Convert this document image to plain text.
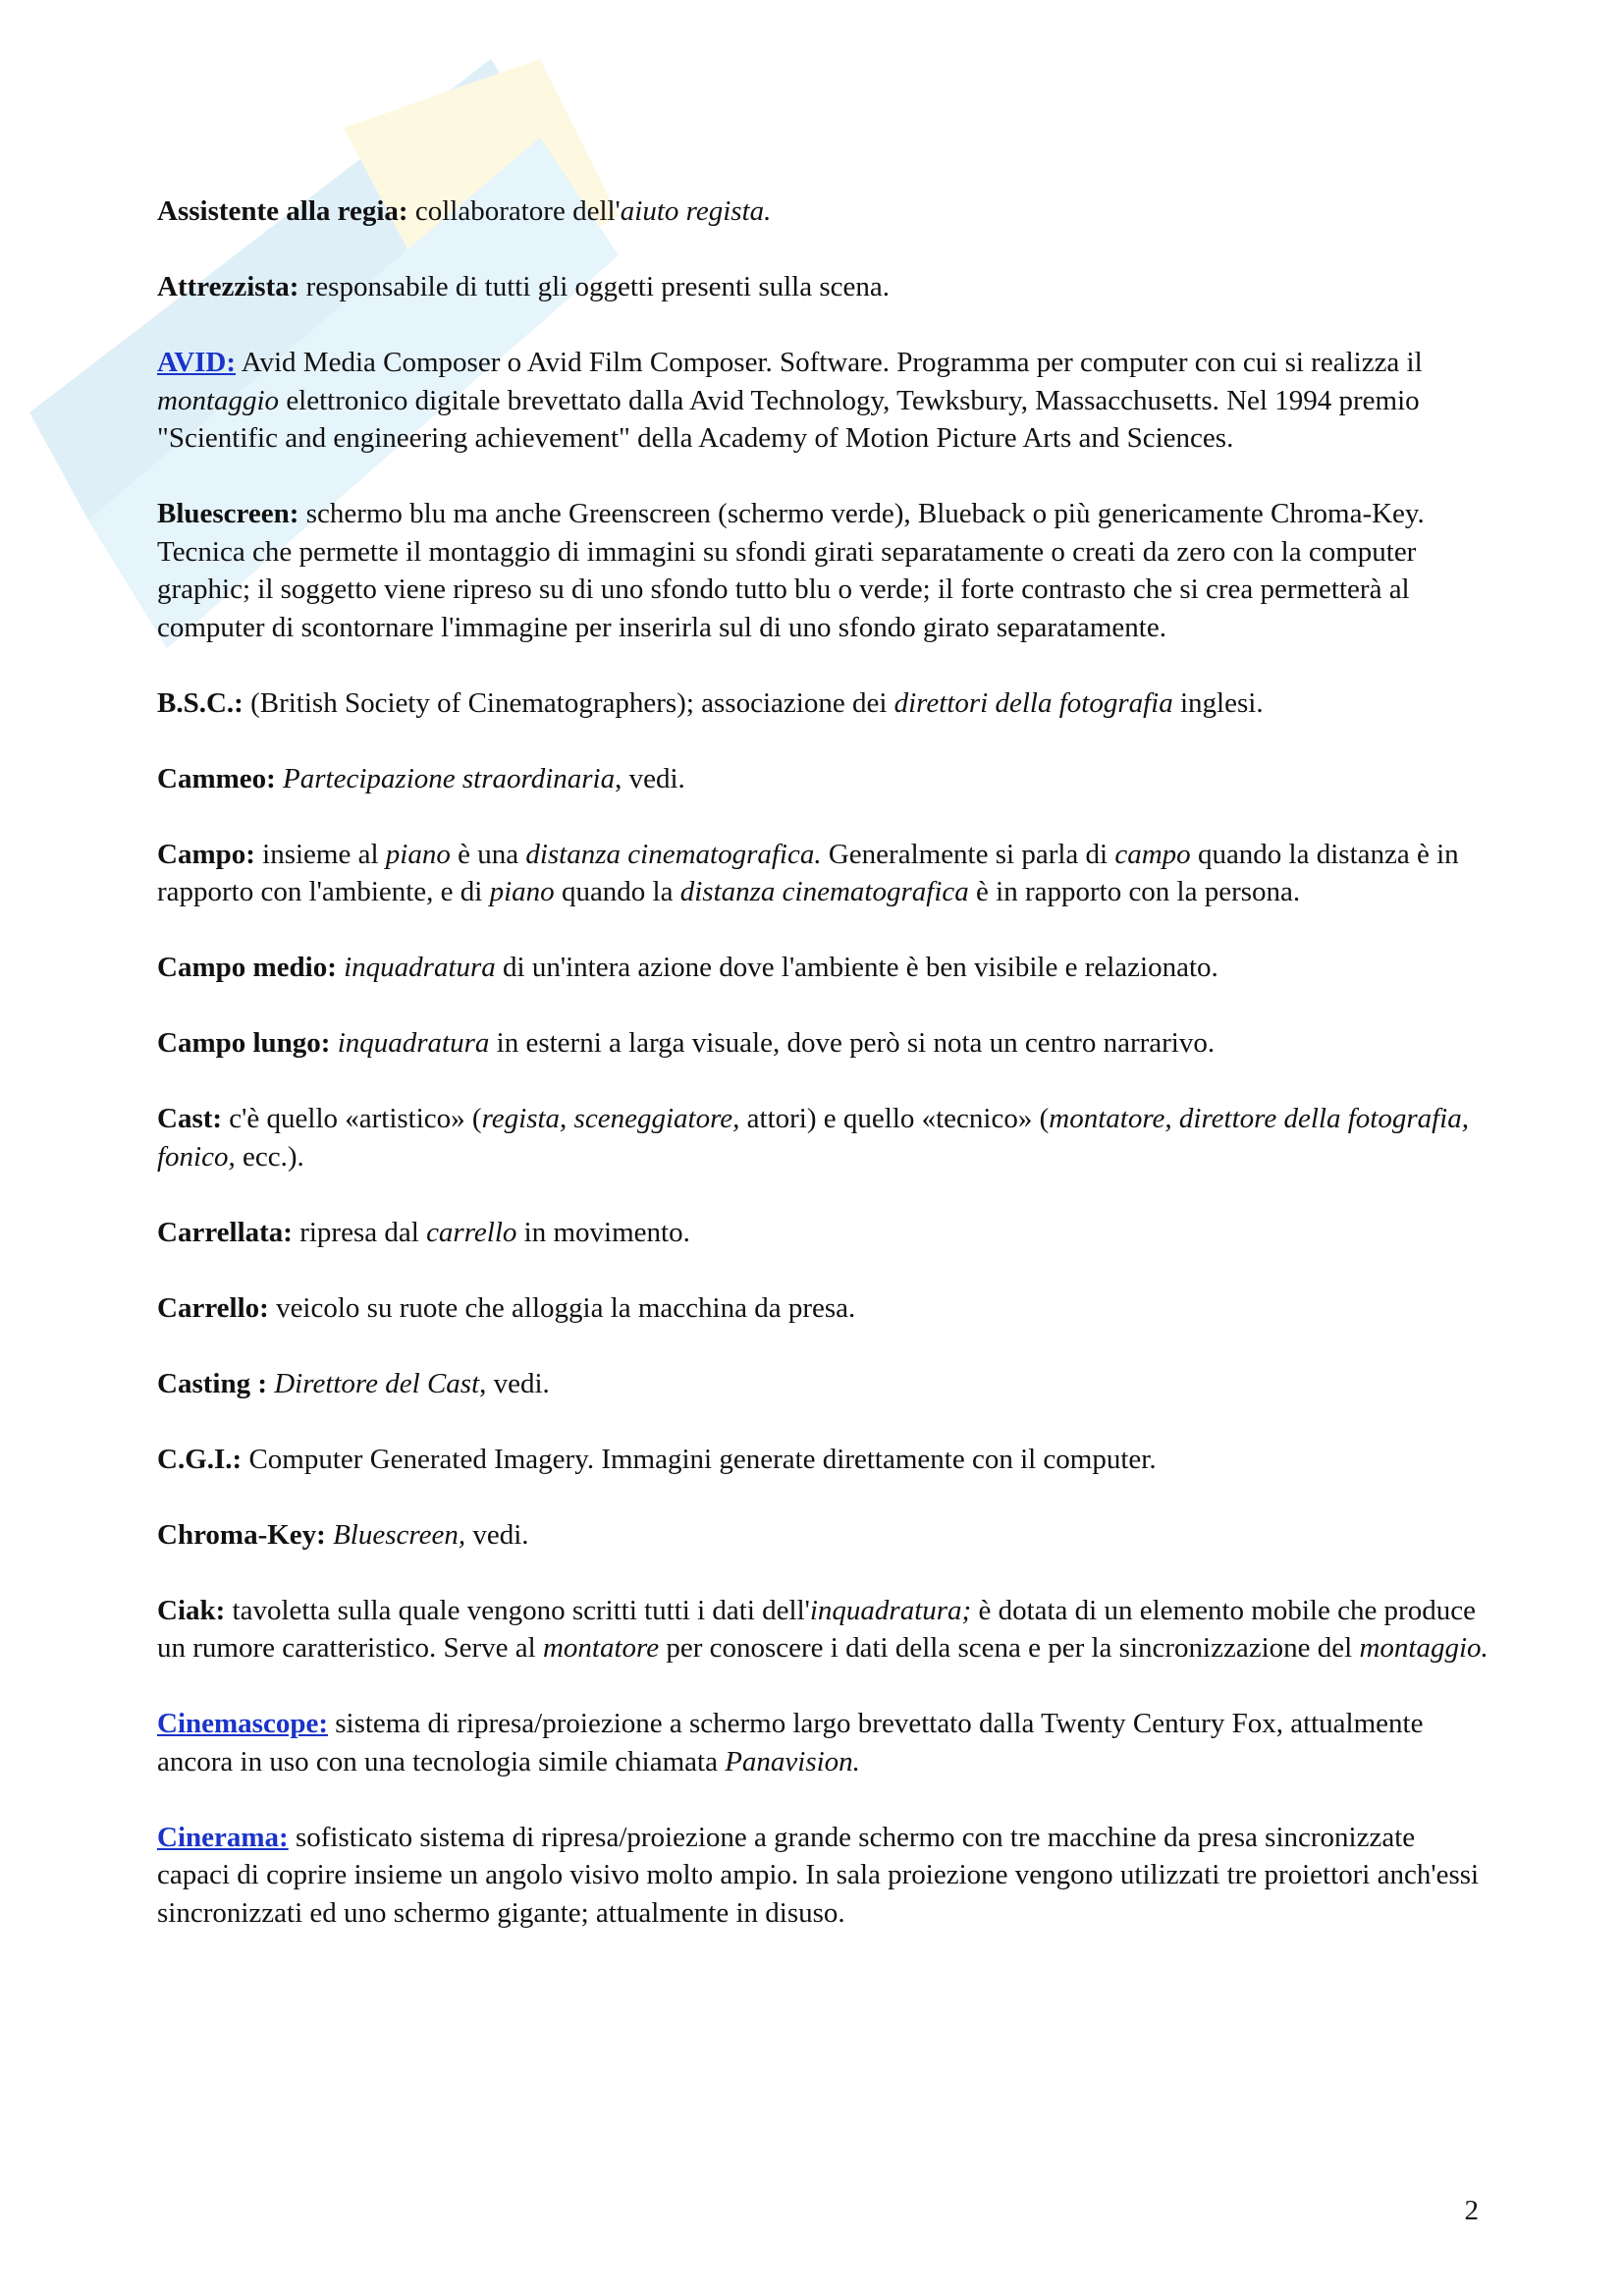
Assistente alla regia: collaboratore dell'aiuto regista.

Attrezzista: responsabile di tutti gli oggetti presenti sulla scena.

AVID: Avid Media Composer o Avid Film Composer. Software. Programma per computer con cui si realizza il montaggio elettronico digitale brevettato dalla Avid Technology, Tewksbury, Massacchusetts. Nel 1994 premio "Scientific and engineering achievement" della Academy of Motion Picture Arts and Sciences.

Bluescreen: schermo blu ma anche Greenscreen (schermo verde), Blueback o più genericamente Chroma-Key. Tecnica che permette il montaggio di immagini su sfondi girati separatamente o creati da zero con la computer graphic; il soggetto viene ripreso su di uno sfondo tutto blu o verde; il forte contrasto che si crea permetterà al computer di scontornare l'immagine per inserirla sul di uno sfondo girato separatamente.

B.S.C.: (British Society of Cinematographers); associazione dei direttori della fotografia inglesi.

Cammeo: Partecipazione straordinaria, vedi.

Campo: insieme al piano è una distanza cinematografica. Generalmente si parla di campo quando la distanza è in rapporto con l'ambiente, e di piano quando la distanza cinematografica è in rapporto con la persona.

Campo medio: inquadratura di un'intera azione dove l'ambiente è ben visibile e relazionato.

Campo lungo: inquadratura in esterni a larga visuale, dove però si nota un centro narrarivo.

Cast: c'è quello «artistico» (regista, sceneggiatore, attori) e quello «tecnico» (montatore, direttore della fotografia, fonico, ecc.).

Carrellata: ripresa dal carrello in movimento.

Carrello: veicolo su ruote che alloggia la macchina da presa.

Casting : Direttore del Cast, vedi.

C.G.I.: Computer Generated Imagery. Immagini generate direttamente con il computer.

Chroma-Key: Bluescreen, vedi.

Ciak: tavoletta sulla quale vengono scritti tutti i dati dell'inquadratura; è dotata di un elemento mobile che produce un rumore caratteristico. Serve al montatore per conoscere i dati della scena e per la sincronizzazione del montaggio.

Cinemascope: sistema di ripresa/proiezione a schermo largo brevettato dalla Twenty Century Fox, attualmente ancora in uso con una tecnologia simile chiamata Panavision.

Cinerama: sofisticato sistema di ripresa/proiezione a grande schermo con tre macchine da presa sincronizzate capaci di coprire insieme un angolo visivo molto ampio. In sala proiezione vengono utilizzati tre proiettori anch'essi sincronizzati ed uno schermo gigante; attualmente in disuso.

2
